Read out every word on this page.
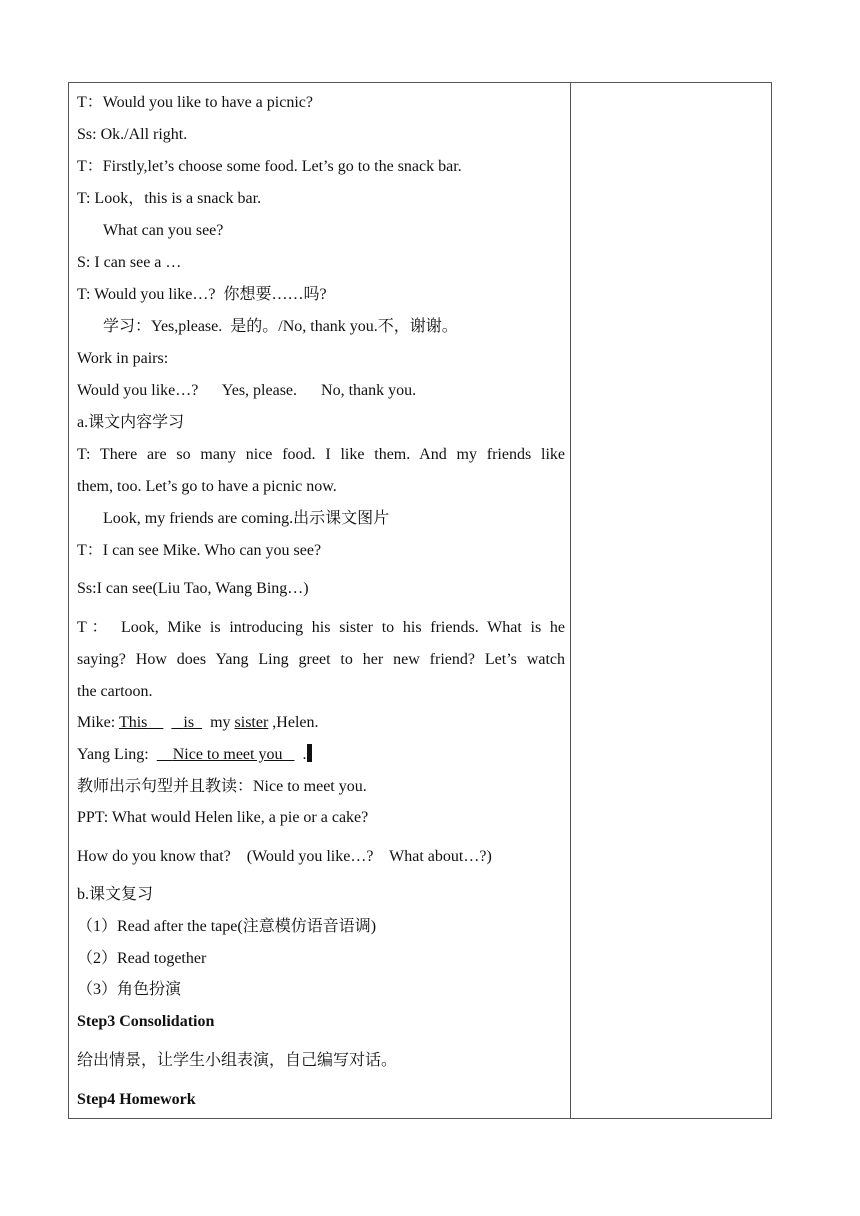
T：Would you like to have a picnic?
Ss: Ok./All right.
T：Firstly,let’s choose some food. Let’s go to the snack bar.
T: Look，this is a snack bar.
What can you see?
S: I can see a …
T: Would you like…?  你想要……吗?
学习：Yes,please.  是的。/No, thank you.不，谢谢。
Work in pairs:
Would you like…?      Yes, please.      No, thank you.
a.课文内容学习
T: There are so many nice food. I like them. And my friends like
them, too. Let’s go to have a picnic now.
Look, my friends are coming.出示课文图片
T：I can see Mike. Who can you see?
Ss:I can see(Liu Tao, Wang Bing…)
T： Look, Mike is introducing his sister to his friends. What is he
saying? How does Yang Ling greet to her new friend? Let’s watch
the cartoon.
Mike: This is my sister ,Helen.
Yang Ling:      Nice to meet you .
教师出示句型并且教读：Nice to meet you.
PPT: What would Helen like, a pie or a cake?
How do you know that?    (Would you like…?    What about…?)
b.课文复习
（1）Read after the tape(注意模仿语音语调)
（2）Read together
（3）角色扮演
Step3 Consolidation
给出情景，让学生小组表演，自己编写对话。
Step4 Homework
